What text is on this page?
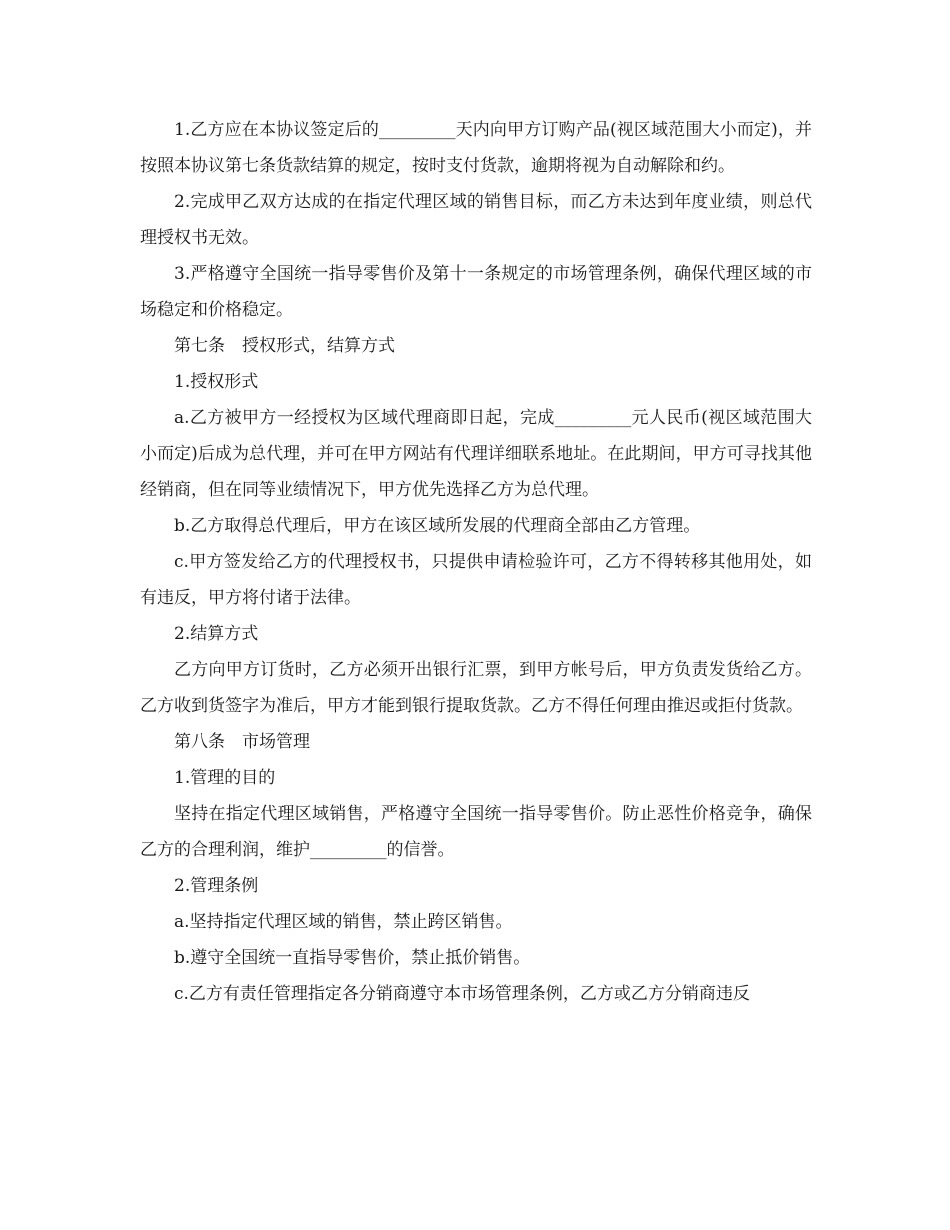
1.乙方应在本协议签定后的_________天内向甲方订购产品(视区域范围大小而定)，并按照本协议第七条货款结算的规定，按时支付货款，逾期将视为自动解除和约。

2.完成甲乙双方达成的在指定代理区域的销售目标，而乙方未达到年度业绩，则总代理授权书无效。

3.严格遵守全国统一指导零售价及第十一条规定的市场管理条例，确保代理区域的市场稳定和价格稳定。

第七条　授权形式，结算方式

1.授权形式

a.乙方被甲方一经授权为区域代理商即日起，完成_________元人民币(视区域范围大小而定)后成为总代理，并可在甲方网站有代理详细联系地址。在此期间，甲方可寻找其他经销商，但在同等业绩情况下，甲方优先选择乙方为总代理。

b.乙方取得总代理后，甲方在该区域所发展的代理商全部由乙方管理。

c.甲方签发给乙方的代理授权书，只提供申请检验许可，乙方不得转移其他用处，如有违反，甲方将付诸于法律。

2.结算方式

乙方向甲方订货时，乙方必须开出银行汇票，到甲方帐号后，甲方负责发货给乙方。乙方收到货签字为准后，甲方才能到银行提取货款。乙方不得任何理由推迟或拒付货款。

第八条　市场管理

1.管理的目的

坚持在指定代理区域销售，严格遵守全国统一指导零售价。防止恶性价格竞争，确保乙方的合理利润，维护_________的信誉。

2.管理条例

a.坚持指定代理区域的销售，禁止跨区销售。

b.遵守全国统一直指导零售价，禁止抵价销售。

c.乙方有责任管理指定各分销商遵守本市场管理条例，乙方或乙方分销商违反
